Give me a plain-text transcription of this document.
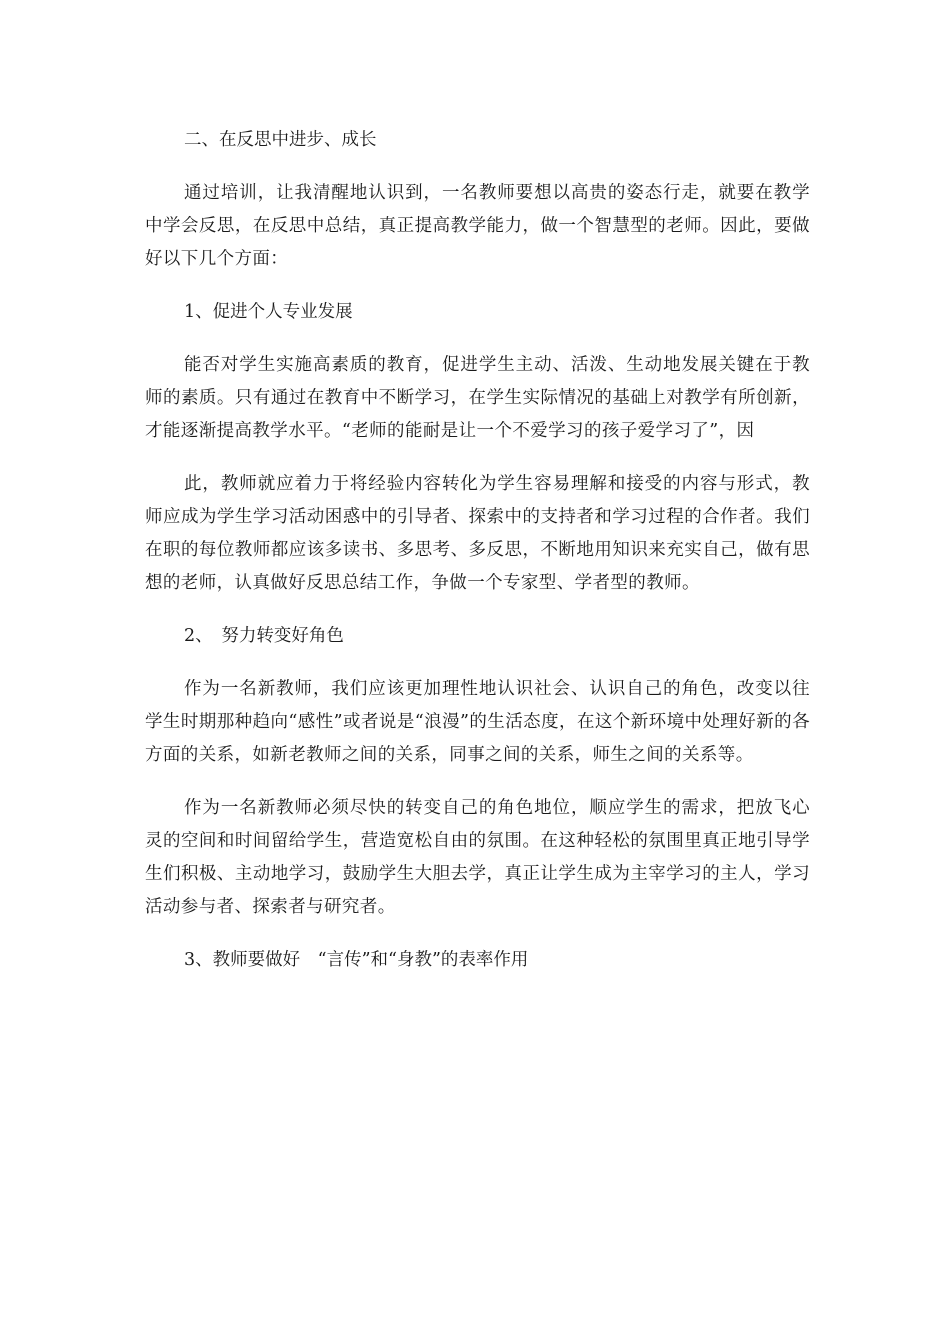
二、在反思中进步、成长

通过培训，让我清醒地认识到，一名教师要想以高贵的姿态行走，就要在教学中学会反思，在反思中总结，真正提高教学能力，做一个智慧型的老师。因此，要做好以下几个方面：

1、促进个人专业发展

能否对学生实施高素质的教育，促进学生主动、活泼、生动地发展关键在于教师的素质。只有通过在教育中不断学习，在学生实际情况的基础上对教学有所创新，才能逐渐提高教学水平。“老师的能耐是让一个不爱学习的孩子爱学习了”，因

此，教师就应着力于将经验内容转化为学生容易理解和接受的内容与形式，教师应成为学生学习活动困惑中的引导者、探索中的支持者和学习过程的合作者。我们在职的每位教师都应该多读书、多思考、多反思，不断地用知识来充实自己，做有思想的老师，认真做好反思总结工作，争做一个专家型、学者型的教师。

2、　努力转变好角色

作为一名新教师，我们应该更加理性地认识社会、认识自己的角色，改变以往学生时期那种趋向“感性”或者说是“浪漫”的生活态度，在这个新环境中处理好新的各方面的关系，如新老教师之间的关系，同事之间的关系，师生之间的关系等。

作为一名新教师必须尽快的转变自己的角色地位，顺应学生的需求，把放飞心灵的空间和时间留给学生，营造宽松自由的氛围。在这种轻松的氛围里真正地引导学生们积极、主动地学习，鼓励学生大胆去学，真正让学生成为主宰学习的主人，学习活动参与者、探索者与研究者。

3、教师要做好　“言传”和“身教”的表率作用
